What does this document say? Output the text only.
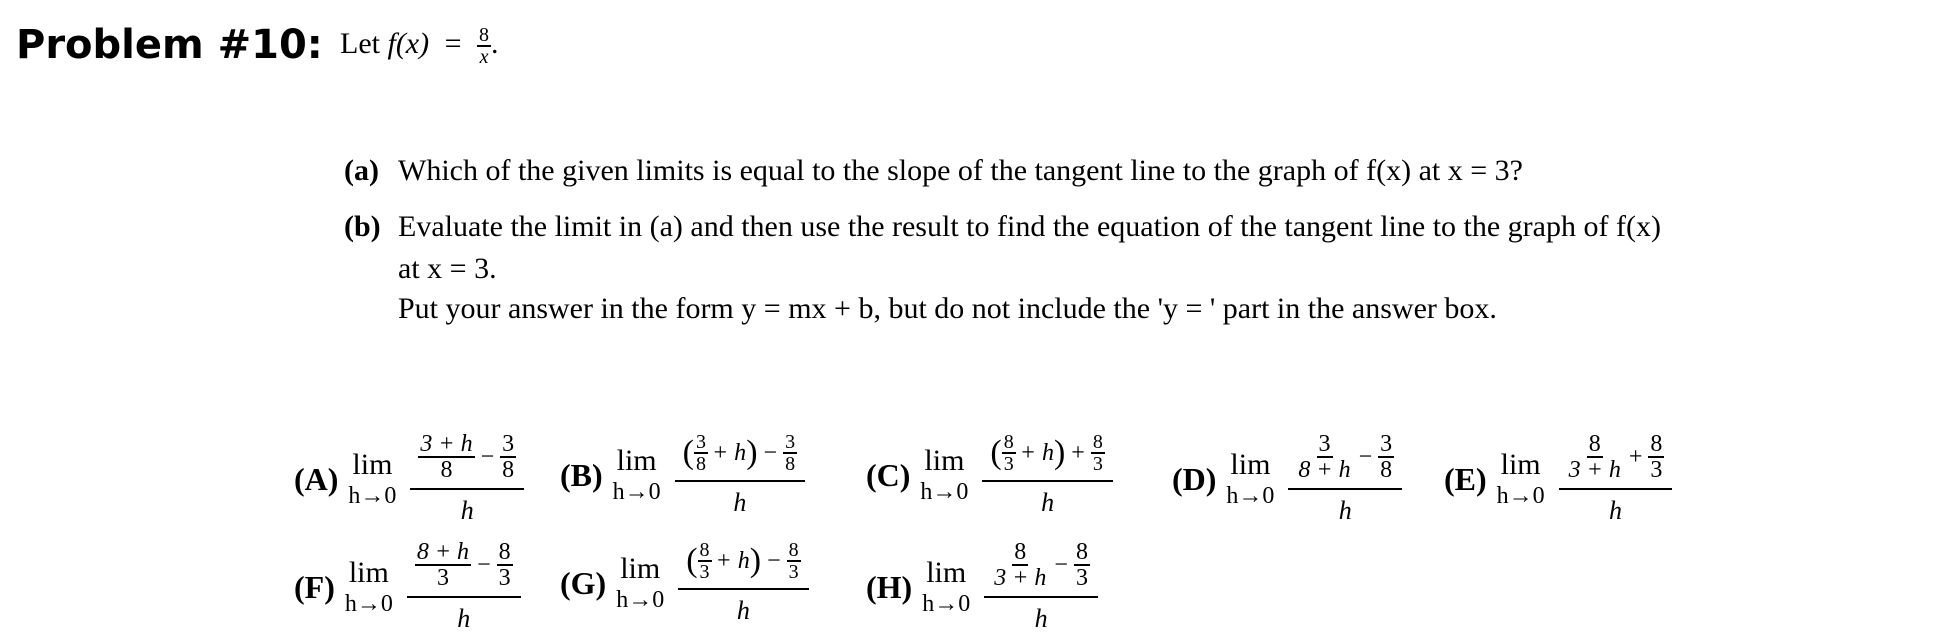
Problem #10: Let $f(x) = \frac{8}{x}$ .
(a) Which of the given limits is equal to the slope of the tangent line to the graph of f(x) at x = 3?
(b) Evaluate the limit in (a) and then use the result to find the equation of the tangent line to the graph of f(x)
at x = 3.
Put your answer in the form y = mx + b, but do not include the 'y = ' part in the answer box.
(A) lim
$h\to 0 \frac{\frac{3 + h}{8} - \frac{3}{8}}{h} (B)$ lim
h→0
( $\frac{3}{8} + h$ ) − $\frac{3}{8}$
h
(C) lim
h→0
( $\frac{8}{3} + h$ ) + $\frac{8}{3}$
h
(D) lim
$h\to 0 \frac{\frac{3}{8 + h} - \frac{3}{8}}{h} (E)$ lim
$h\to 0 \frac{\frac{8}{3 + h} + \frac{8}{3}}{h}$
(F) lim
$h\to 0 \frac{\frac{8 + h}{3} - \frac{8}{3}}{h} (G)$ lim
h→0
( $\frac{8}{3} + h$ ) − $\frac{8}{3}$
h
(H) lim
$h\to 0 \frac{\frac{8}{3 + h} - \frac{8}{3}}{h}$
